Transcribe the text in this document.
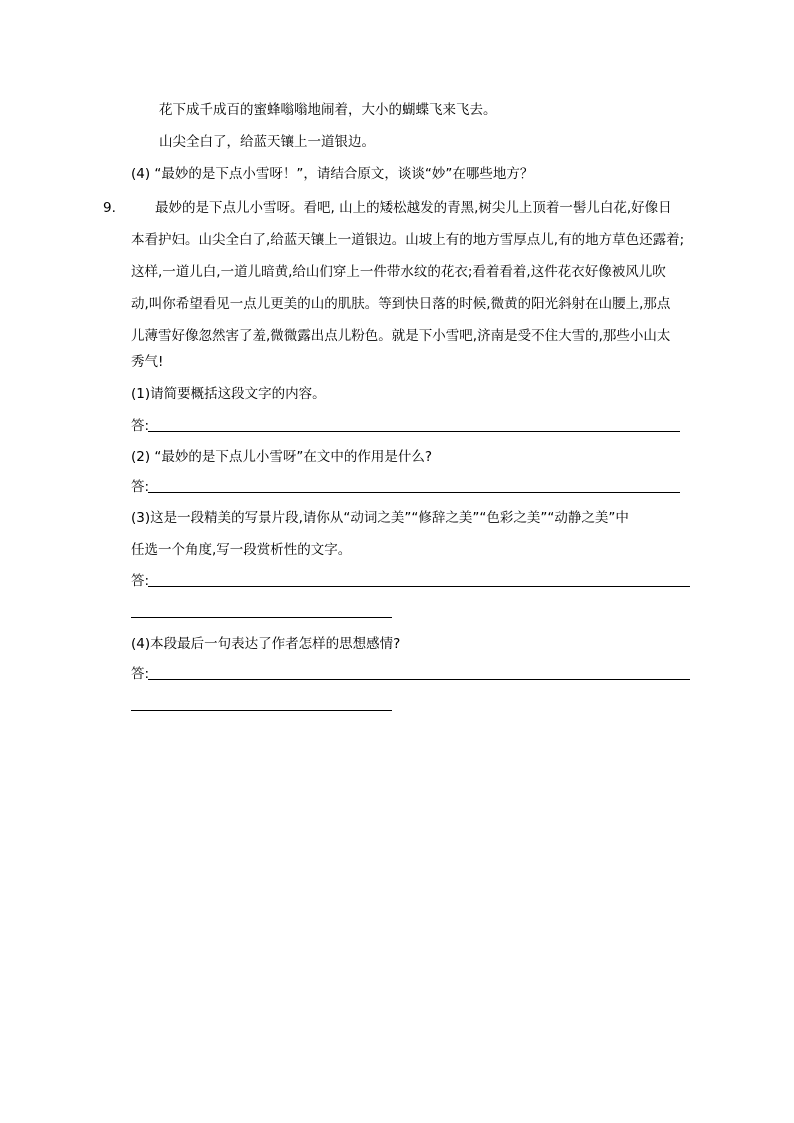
花下成千成百的蜜蜂嗡嗡地闹着，大小的蝴蝶飞来飞去。
山尖全白了，给蓝天镶上一道银边。
(4) “最妙的是下点小雪呀！”，请结合原文，谈谈“妙”在哪些地方？
9.	最妙的是下点儿小雪呀。看吧, 山上的矮松越发的青黑,树尖儿上顶着一髻儿白花,好像日
本看护妇。山尖全白了,给蓝天镶上一道银边。山坡上有的地方雪厚点儿,有的地方草色还露着;
这样,一道儿白,一道儿暗黄,给山们穿上一件带水纹的花衣;看着看着,这件花衣好像被风儿吹
动,叫你希望看见一点儿更美的山的肌肤。等到快日落的时候,微黄的阳光斜射在山腰上,那点
儿薄雪好像忽然害了羞,微微露出点儿粉色。就是下小雪吧,济南是受不住大雪的,那些小山太
秀气!
(1)请简要概括这段文字的内容。
答:
(2) “最妙的是下点儿小雪呀”在文中的作用是什么?
答:
(3)这是一段精美的写景片段,请你从“动词之美”“修辞之美”“色彩之美”“动静之美”中
任选一个角度,写一段赏析性的文字。
答:
(4)本段最后一句表达了作者怎样的思想感情?
答:
